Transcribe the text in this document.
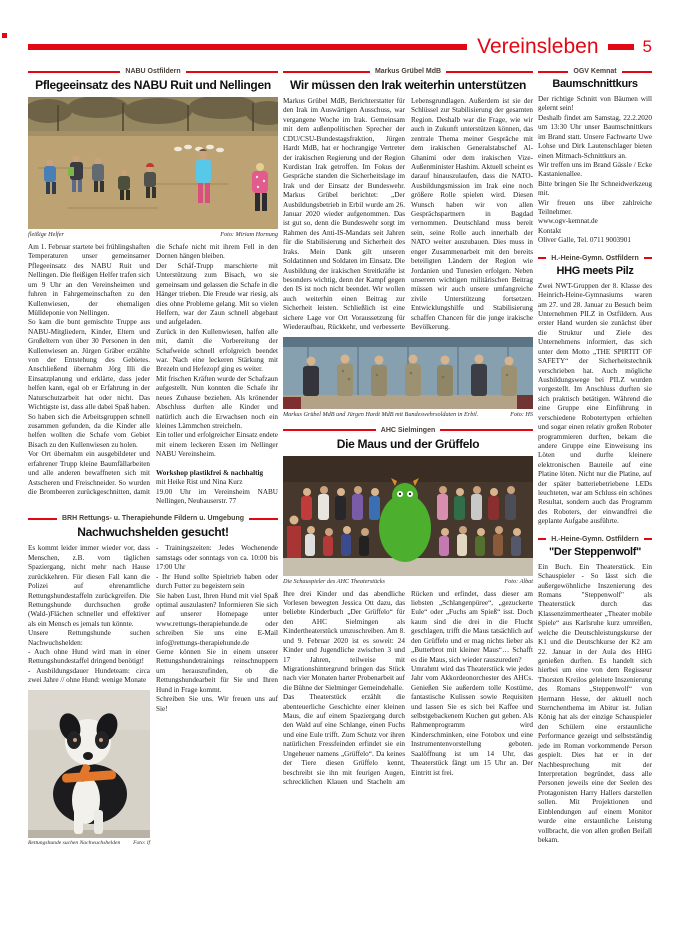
Vereinsleben	5
NABU Ostfildern
Pflegeeinsatz des NABU Ruit und Nellingen
fleißige Helfer	Foto: Miriam Hornung

Am 1. Februar startete bei frühlingshaften Temperaturen unser gemeinsamer Pflegeeinsatz des NABU Ruit und Nellingen. Die fleißigen Helfer trafen sich um 9 Uhr an den Vereinsheimen und fuhren in Fahrgemeinschaften zu den Kullenwiesen, der ehemaligen Mülldeponie von Nellingen.

So kam die bunt gemischte Truppe aus NABU-Mitgliedern, Kinder, Eltern und Großeltern von über 30 Personen in den Kullenwiesen an. Jürgen Gräber erzählte von der Entstehung des Gebietes. Anschließend übernahm Jörg Illi die Einsatzplanung und erklärte, dass jeder helfen kann, egal ob er Erfahrung in der Naturschutzarbeit hat oder nicht. Das Wichtigste ist, dass alle dabei Spaß haben. So haben sich die Arbeitsgruppen schnell zusammen gefunden, da die Kinder alle helfen wollten die Schafe vom Gebiet Bisach zu den Kullenwiesen zu holen.

Vor Ort übernahm ein ausgebildeter und erfahrener Trupp kleine Baumfällarbeiten und alle anderen bewaffneten sich mit Astscheren und Freischneider. So wurden die Brombeeren zurückgeschnitten, damit die Schafe nicht mit ihrem Fell in den Dornen hängen bleiben.

Der Schäf-Trupp marschierte mit Unterstützung zum Bisach, wo sie gemeinsam und gelassen die Schafe in die Hänger trieben. Die Freude war riesig, als dies ohne Probleme gelang. Mit so vielen Helfern, war der Zaun schnell abgebaut und aufgeladen.

Zurück in den Kullenwiesen, halfen alle mit, damit die Vorbereitung der Schafweide schnell erfolgreich beendet war. Nach eine leckeren Stärkung mit Brezeln und Hefezopf ging es weiter.

Mit frischen Kräften wurde der Schafzaun aufgestellt. Nun konnten die Schafe ihr neues Zuhause beziehen. Als krönender Abschluss durften alle Kinder und natürlich auch die Erwachsen noch ein kleines Lämmchen streicheln.

Ein toller und erfolgreicher Einsatz endete mit einem leckeren Essen im Nellinger NABU Vereinsheim.

Workshop plastikfrei & nachhaltig

mit Heike Rist und Nina Kurz

19.00 Uhr im Vereinsheim NABU Nellingen, Neuhauserstr. 77

BRH Rettungs- u. Therapiehunde Fildern u. Umgebung
Nachwuchshelden gesucht!

Es kommt leider immer wieder vor, dass Menschen, z.B. vom täglichen Spaziergang, nicht mehr nach Hause zurückkehren. Für diesen Fall kann die Polizei auf ehrenamtliche Rettungshundestaffeln zurückgreifen. Die Rettungshunde durchsuchen große (Wald-)Flächen schneller und effektiver als ein Mensch es jemals tun könnte.

Unsere Rettungshunde suchen Nachwuchshelden:

- Auch ohne Hund wird man in einer Rettungshundestaffel dringend benötigt!

- Ausbildungsdauer Hundeteam: circa zwei Jahre // ohne Hund: wenige Monate

Rettungshunde suchen Nachwuchshelden Foto: lf

- Trainingszeiten: Jedes Wochenende samstags oder sonntags von ca. 10:00 bis 17:00 Uhr

- Ihr Hund sollte Spieltrieb haben oder durch Futter zu begeistern sein

Sie haben Lust, Ihren Hund mit viel Spaß optimal auszulasten? Informieren Sie sich auf unserer Homepage unter www.rettungs-therapiehunde.de oder schreiben Sie uns eine E-Mail info@rettungs-therapiehunde.de

Gerne können Sie in einem unserer Rettungshundetrainings reinschnuppern um herauszufinden, ob die Rettungshundearbeit für Sie und Ihren Hund in Frage kommt.

Schreiben Sie uns. Wir freuen uns auf Sie!

Markus Grübel MdB
Wir müssen den Irak weiterhin unterstützen

Markus Grübel MdB, Berichterstatter für den Irak im Auswärtigen Ausschuss, war vergangene Woche im Irak. Gemeinsam mit dem außenpolitischen Sprecher der CDU/CSU-Bundestagsfraktion, Jürgen Hardt MdB, hat er hochrangige Vertreter der irakischen Regierung und der Region Kurdistan Irak getroffen. Im Fokus der Gespräche standen die Sicherheitslage im Irak und der Einsatz der Bundeswehr. Markus Grübel berichtet: „Der Ausbildungsbetrieb in Erbil wurde am 26. Januar 2020 wieder aufgenommen. Das ist gut so, denn die Bundeswehr sorgt im Rahmen des Anti-IS-Mandats seit Jahren für die Stabilisierung und Sicherheit des Iraks. Mein Dank gilt unseren Soldatinnen und Soldaten im Einsatz. Die Ausbildung der irakischen Streitkräfte ist besonders wichtig, denn der Kampf gegen den IS ist noch nicht beendet. Wir wollen auch weiterhin einen Beitrag zur Sicherheit leisten. Schließlich ist eine sichere Lage vor Ort Voraussetzung für Wiederaufbau, Rückkehr, und verbesserte Lebensgrundlagen. Außerdem ist sie der Schlüssel zur Stabilisierung der gesamten Region. Deshalb war die Frage, wie wir auch in Zukunft unterstützen können, das zentrale Thema meiner Gespräche mit dem irakischen Generalstabschef Al-Ghanimi oder dem irakischen Vize-Außenminister Hashim. Aktuell scheint es darauf hinauszulaufen, dass die NATO-Ausbildungsmission im Irak eine noch größere Rolle spielen wird. Diesen Wunsch haben wir von allen Gesprächspartnern in Bagdad vernommen. Deutschland muss bereit sein, seine Rolle auch innerhalb der NATO weiter auszubauen. Dies muss in enger Zusammenarbeit mit den bereits beteiligten Ländern der Region wie Jordanien und Tunesien erfolgen. Neben unserem wichtigen militärischen Beitrag müssen wir auch unsere umfangreiche zivile Unterstützung fortsetzen. Entwicklungshilfe und Stabilisierung schaffen Chancen für die junge irakische Bevölkerung.

Markus Grübel MdB und Jürgen Hardt MdB mit Bundeswehrsoldaten in Erbil.	Foto: HS
AHC Sielmingen
Die Maus und der Grüffelo
Die Schauspieler des AHC Theaterstücks	Foto: Albat

Ihre drei Kinder und das abendliche Vorlesen bewegten Jessica Ott dazu, das beliebte Kinderbuch „Der Grüffelo“ für den AHC Sielmingen als Kindertheaterstück umzuschreiben. Am 8. und 9. Februar 2020 ist es soweit: 24 Kinder und Jugendliche zwischen 3 und 17 Jahren, teilweise mit Migrationshintergrund bringen das Stück nach vier Monaten harter Probenarbeit auf die Bühne der Sielminger Gemeindehalle.

Das Theaterstück erzählt die abenteuerliche Geschichte einer kleinen Maus, die auf einem Spaziergang durch den Wald auf eine Schlange, einen Fuchs und eine Eule trifft. Zum Schutz vor ihren natürlichen Fressfeinden erfindet sie ein Ungeheuer namens „Grüffelo“. Da keines der Tiere diesen Grüffelo kennt, beschreibt sie ihn mit feurigen Augen, schrecklichen Klauen und Stacheln am Rücken und erfindet, dass dieser am liebsten „Schlangenpüree“, „gezuckerte Eule“ oder „Fuchs am Spieß“ isst. Doch kaum sind die drei in die Flucht geschlagen, trifft die Maus tatsächlich auf den Grüffelo und er mag nichts lieber als „Butterbrot mit kleiner Maus“… Schafft es die Maus, sich wieder rauszureden?

Umrahmt wird das Theaterstück wie jedes Jahr vom Akkordeonorchester des AHCs. Genießen Sie außerdem tolle Kostüme, fantastische Kulissen sowie Requisiten und lassen Sie es sich bei Kaffee und selbstgebackenem Kuchen gut gehen. Als Rahmenprogramm wird Kinderschminken, eine Fotobox und eine Instrumentenvorstellung geboten. Saalöffnung ist um 14 Uhr, das Theaterstück fängt um 15 Uhr an. Der Eintritt ist frei.

OGV Kemnat
Baumschnittkurs

Der richtige Schnitt von Bäumen will gelernt sein!

Deshalb findet am Samstag, 22.2.2020 um 13:30 Uhr unser Baumschnittkurs im Brand statt. Unsere Fachwarte Uwe Lohse und Dirk Lautenschlager bieten einen Mitmach-Schnittkurs an.

Wir treffen uns im Brand Gässle / Ecke Kastanienallee.

Bitte bringen Sie Ihr Schneidwerkzeug mit.

Wir freuen uns über zahlreiche Teilnehmer.

www.ogv-kemnat.de

Kontakt

Oliver Galle, Tel. 0711 9003901

H.-Heine-Gymn. Ostfildern
HHG meets Pilz

Zwei NWT-Gruppen der 8. Klasse des Heinrich-Heine-Gymnasiums waren am 27. und 28. Januar zu Besuch beim Unternehmen PILZ in Ostfildern. Aus erster Hand wurden sie zunächst über die Struktur und Ziele des Unternehmens informiert, das sich unter dem Motto „THE SPIRTIT OF SAFETY“ der Sicherheitstechnik verschrieben hat. Auch mögliche Ausbildungswege bei PILZ wurden vorgestellt. Im Anschluss durften sie sich praktisch betätigen. Während die eine Gruppe eine Einführung in verschiedene Robotertypen erhielten und sogar einen relativ großen Roboter programmieren durften, bekam die andere Gruppe eine Einweisung ins Löten und durfte kleinere elektronischen Bauteile auf eine Platine löten. Nicht nur die Platine, auf der später batteriebetriebene LEDs leuchteten, war am Schluss ein schönes Resultat, sondern auch das Programm des Roboters, der einwandfrei die geplante Aufgabe ausführte.

H.-Heine-Gymn. Ostfildern
"Der Steppenwolf"

Ein Buch. Ein Theaterstück. Ein Schauspieler - So lässt sich die außergewöhnliche Inszenierung des Romans "Steppenwolf" als Theaterstück durch das Klassenzimmertheater „Theater mobile Spiele“ aus Karlsruhe kurz umreißen, welche die Deutschleistungskurse der K1 und die Deutschkurse der K2 am 22. Januar in der Aula des HHG genießen durften. Es handelt sich hierbei um eine von dem Regisseur Thorsten Kreilos geleitete Inszenierung des Romans „Steppenwolf“ von Hermann Hesse, der aktuell noch Sternchenthema im Abitur ist. Julian König hat als der einzige Schauspieler den Schülern eine erstaunliche Performance gezeigt und selbstständig jede im Roman vorkommende Person gespielt. Dies hat er in der Nachbesprechung mit der Interpretation begründet, dass alle Personen jeweils eine der Seelen des Protagonisten Harry Hallers darstellen sollen. Mit Projektionen und Einblendungen auf einem Monitor wurde eine erstaunliche Leistung vollbracht, die von allen großen Beifall bekam.
